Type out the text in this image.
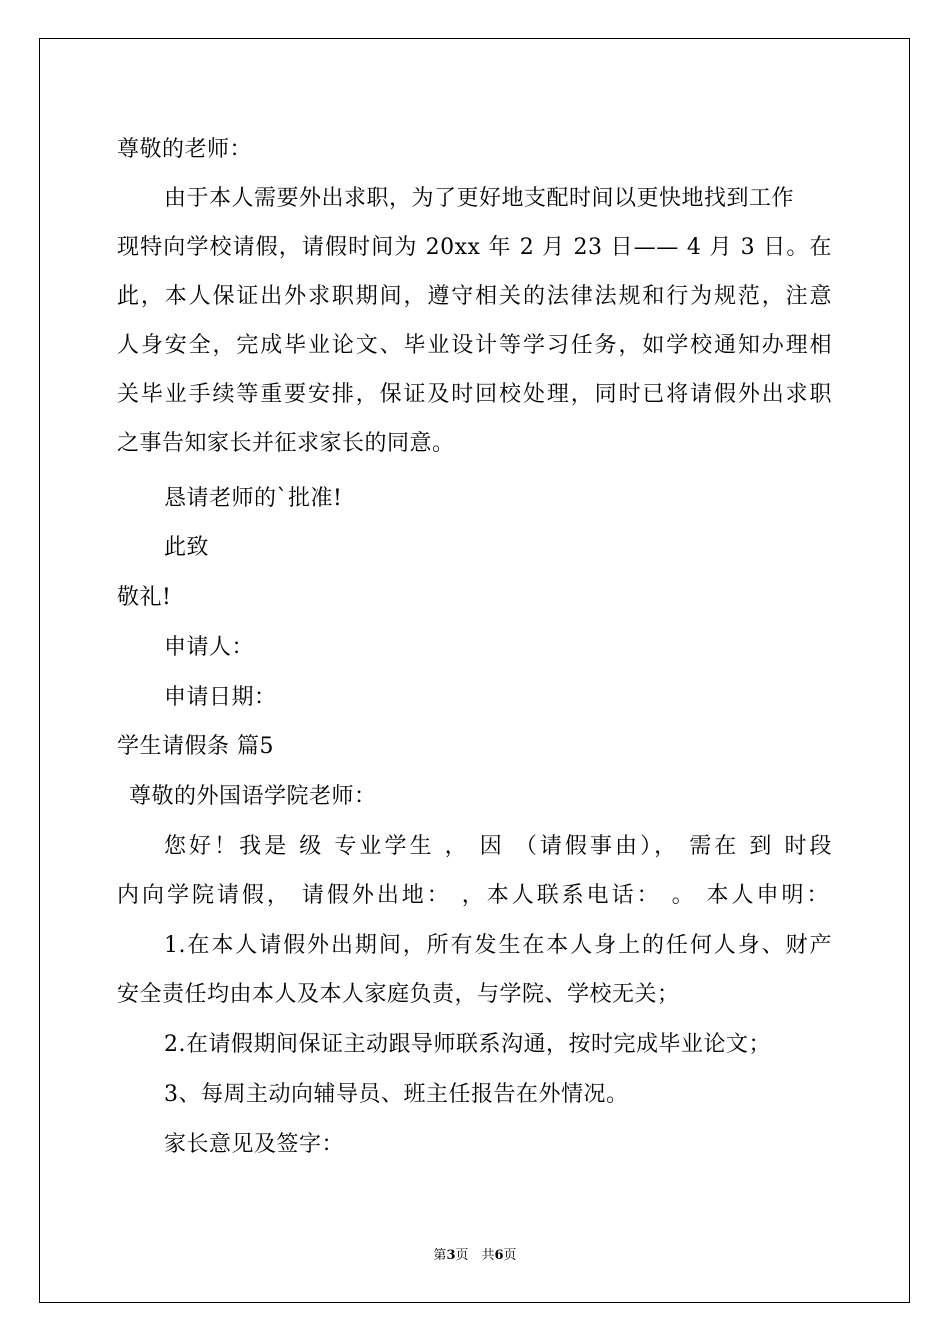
尊敬的老师：
由于本人需要外出求职，为了更好地支配时间以更快地找到工作
现特向学校请假，请假时间为 20xx 年 2 月 23 日—— 4 月 3 日。在
此，本人保证出外求职期间，遵守相关的法律法规和行为规范，注意
人身安全，完成毕业论文、毕业设计等学习任务，如学校通知办理相
关毕业手续等重要安排，保证及时回校处理，同时已将请假外出求职
之事告知家长并征求家长的同意。
恳请老师的`批准!
此致
敬礼!
申请人：
申请日期：
学生请假条 篇5
尊敬的外国语学院老师：
您好！我是 级 专业学生 ， 因 （请假事由）， 需在 到 时段
内向学院请假， 请假外出地： ，本人联系电话： 。 本人申明：
1.在本人请假外出期间，所有发生在本人身上的任何人身、财产
安全责任均由本人及本人家庭负责，与学院、学校无关；
2.在请假期间保证主动跟导师联系沟通，按时完成毕业论文；
3、每周主动向辅导员、班主任报告在外情况。
家长意见及签字：
第3页　共6页
